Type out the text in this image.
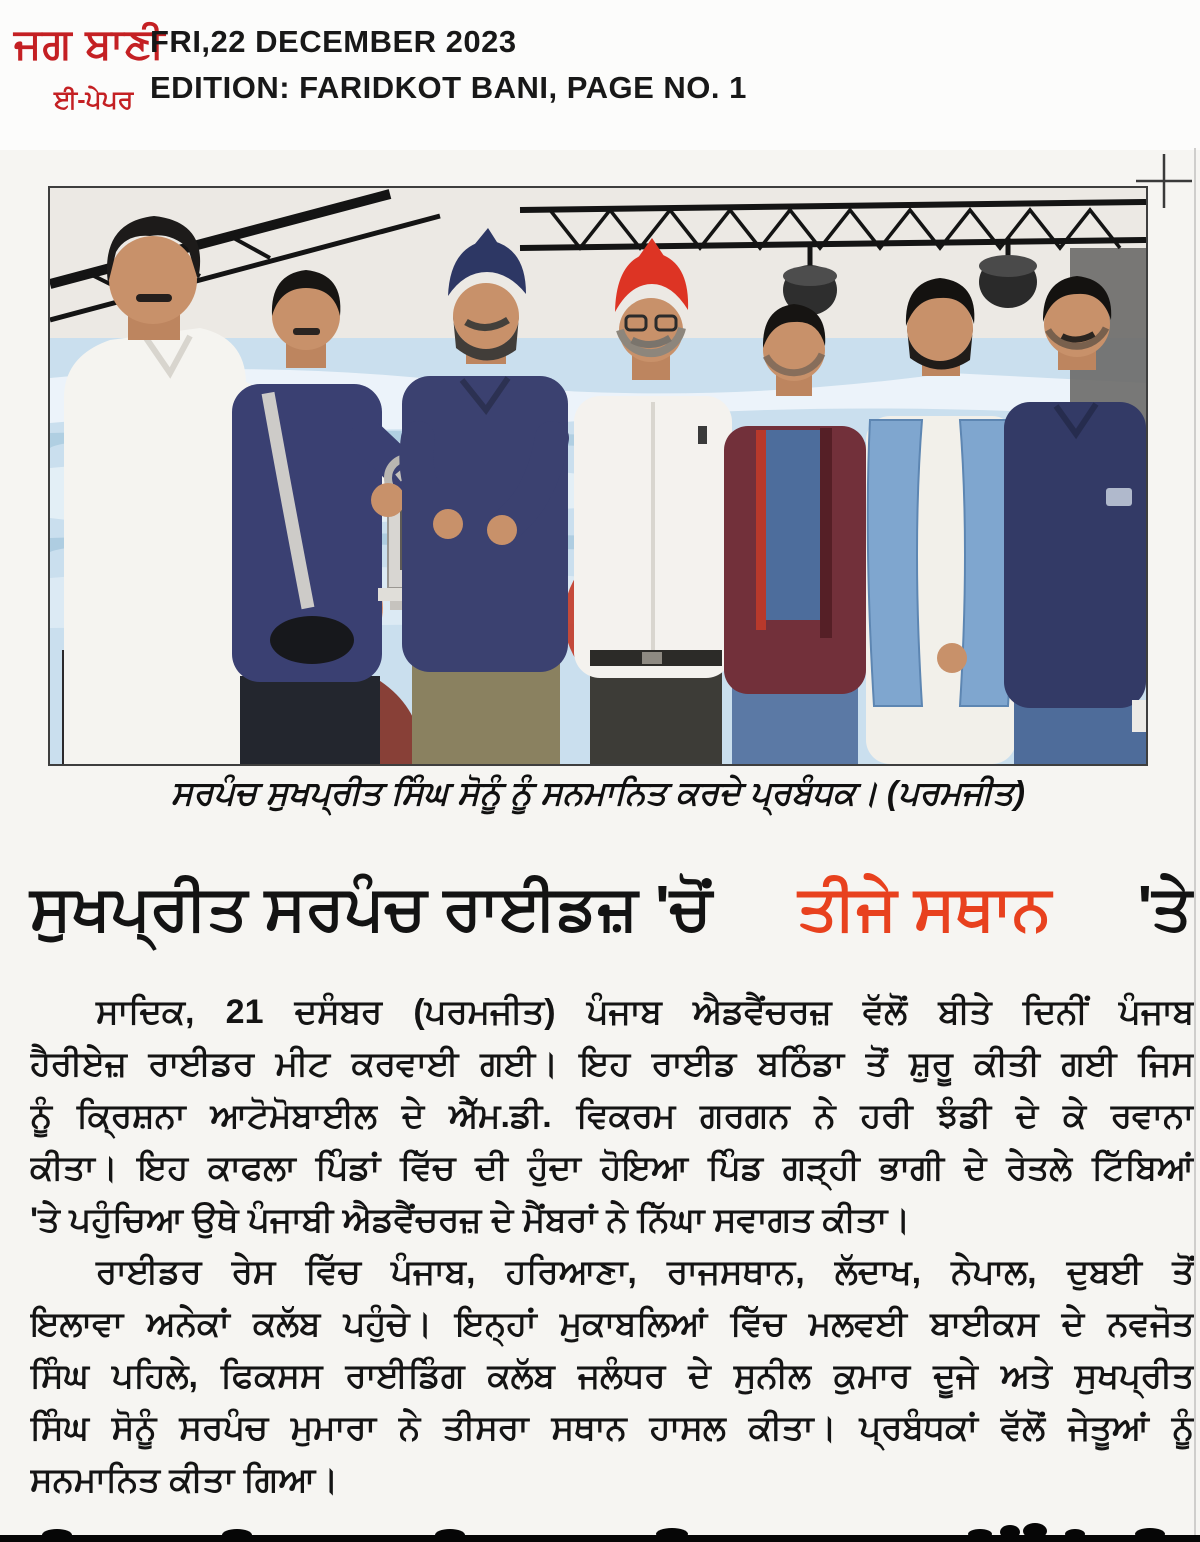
ਜਗ ਬਾਣੀ
ਈ-ਪੇਪਰ
FRI,22 DECEMBER 2023
EDITION: FARIDKOT BANI, PAGE NO. 1
ਸਰਪੰਚ ਸੁਖਪ੍ਰੀਤ ਸਿੰਘ ਸੋਨੂੰ ਨੂੰ ਸਨਮਾਨਿਤ ਕਰਦੇ ਪ੍ਰਬੰਧਕ। (ਪਰਮਜੀਤ)
ਸੁਖਪ੍ਰੀਤ ਸਰਪੰਚ ਰਾਈਡਜ਼ 'ਚੋਂ ਤੀਜੇ ਸਥਾਨ 'ਤੇ
ਸਾਦਿਕ, 21 ਦਸੰਬਰ (ਪਰਮਜੀਤ) ਪੰਜਾਬ ਐਡਵੈਂਚਰਜ਼ ਵੱਲੋਂ ਬੀਤੇ ਦਿਨੀਂ ਪੰਜਾਬ
ਹੈਰੀਏਜ਼ ਰਾਈਡਰ ਮੀਟ ਕਰਵਾਈ ਗਈ। ਇਹ ਰਾਈਡ ਬਠਿੰਡਾ ਤੋਂ ਸ਼ੁਰੂ ਕੀਤੀ ਗਈ ਜਿਸ
ਨੂੰ ਕ੍ਰਿਸ਼ਨਾ ਆਟੋਮੋਬਾਈਲ ਦੇ ਐੱਮ.ਡੀ. ਵਿਕਰਮ ਗਰਗਨ ਨੇ ਹਰੀ ਝੰਡੀ ਦੇ ਕੇ ਰਵਾਨਾ
ਕੀਤਾ। ਇਹ ਕਾਫਲਾ ਪਿੰਡਾਂ ਵਿੱਚ ਦੀ ਹੁੰਦਾ ਹੋਇਆ ਪਿੰਡ ਗੜ੍ਹੀ ਭਾਗੀ ਦੇ ਰੇਤਲੇ ਟਿੱਬਿਆਂ
'ਤੇ ਪਹੁੰਚਿਆ ਉਥੇ ਪੰਜਾਬੀ ਐਡਵੈਂਚਰਜ਼ ਦੇ ਮੈਂਬਰਾਂ ਨੇ ਨਿੱਘਾ ਸਵਾਗਤ ਕੀਤਾ।
ਰਾਈਡਰ ਰੇਸ ਵਿੱਚ ਪੰਜਾਬ, ਹਰਿਆਣਾ, ਰਾਜਸਥਾਨ, ਲੱਦਾਖ, ਨੇਪਾਲ, ਦੁਬਈ ਤੋਂ
ਇਲਾਵਾ ਅਨੇਕਾਂ ਕਲੱਬ ਪਹੁੰਚੇ। ਇਨ੍ਹਾਂ ਮੁਕਾਬਲਿਆਂ ਵਿੱਚ ਮਲਵਈ ਬਾਈਕਸ ਦੇ ਨਵਜੋਤ
ਸਿੰਘ ਪਹਿਲੇ, ਫਿਕਸਸ ਰਾਈਡਿੰਗ ਕਲੱਬ ਜਲੰਧਰ ਦੇ ਸੁਨੀਲ ਕੁਮਾਰ ਦੂਜੇ ਅਤੇ ਸੁਖਪ੍ਰੀਤ
ਸਿੰਘ ਸੋਨੂੰ ਸਰਪੰਚ ਮੁਮਾਰਾ ਨੇ ਤੀਸਰਾ ਸਥਾਨ ਹਾਸਲ ਕੀਤਾ। ਪ੍ਰਬੰਧਕਾਂ ਵੱਲੋਂ ਜੇਤੂਆਂ ਨੂੰ
ਸਨਮਾਨਿਤ ਕੀਤਾ ਗਿਆ।
